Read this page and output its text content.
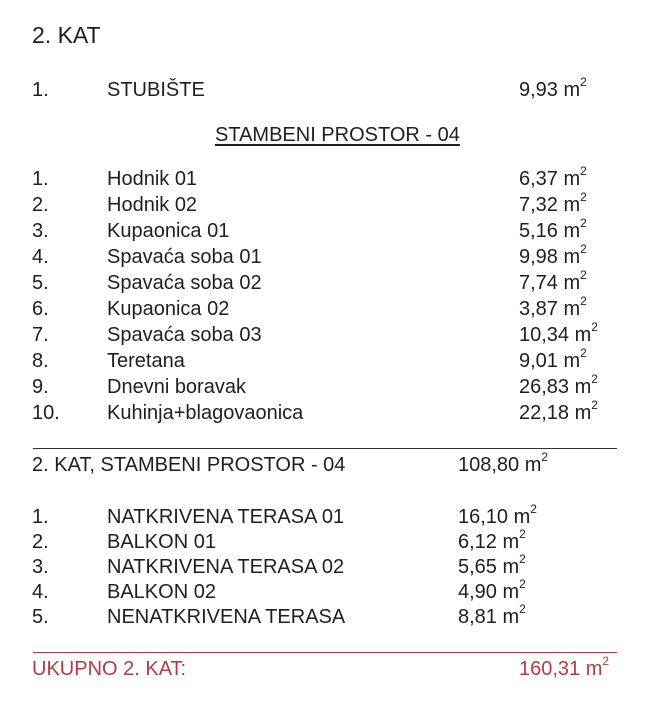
2. KAT
1.	STUBIŠTE	9,93 $m^2$
STAMBENI PROSTOR - 04
1.	Hodnik 01	6,37 $m^2$
2.	Hodnik 02	7,32 $m^2$
3.	Kupaonica 01	5,16 $m^2$
4.	Spavaća soba 01	9,98 $m^2$
5.	Spavaća soba 02	7,74 $m^2$
6.	Kupaonica 02	3,87 $m^2$
7.	Spavaća soba 03	10,34 $m^2$
8.	Teretana	9,01 $m^2$
9.	Dnevni boravak	26,83 $m^2$
10. Kuhinja+blagovaonica	22,18 $m^2$
2. KAT, STAMBENI PROSTOR - 04	108,80 $m^2$
1.	NATKRIVENA TERASA 01	16,10 $m^2$
2.	BALKON 01	6,12 $m^2$
3.	NATKRIVENA TERASA 02	5,65 $m^2$
4.	BALKON 02	4,90 $m^2$
5.	NENATKRIVENA TERASA	8,81 $m^2$
UKUPNO 2. KAT:	160,31 $m^2$
